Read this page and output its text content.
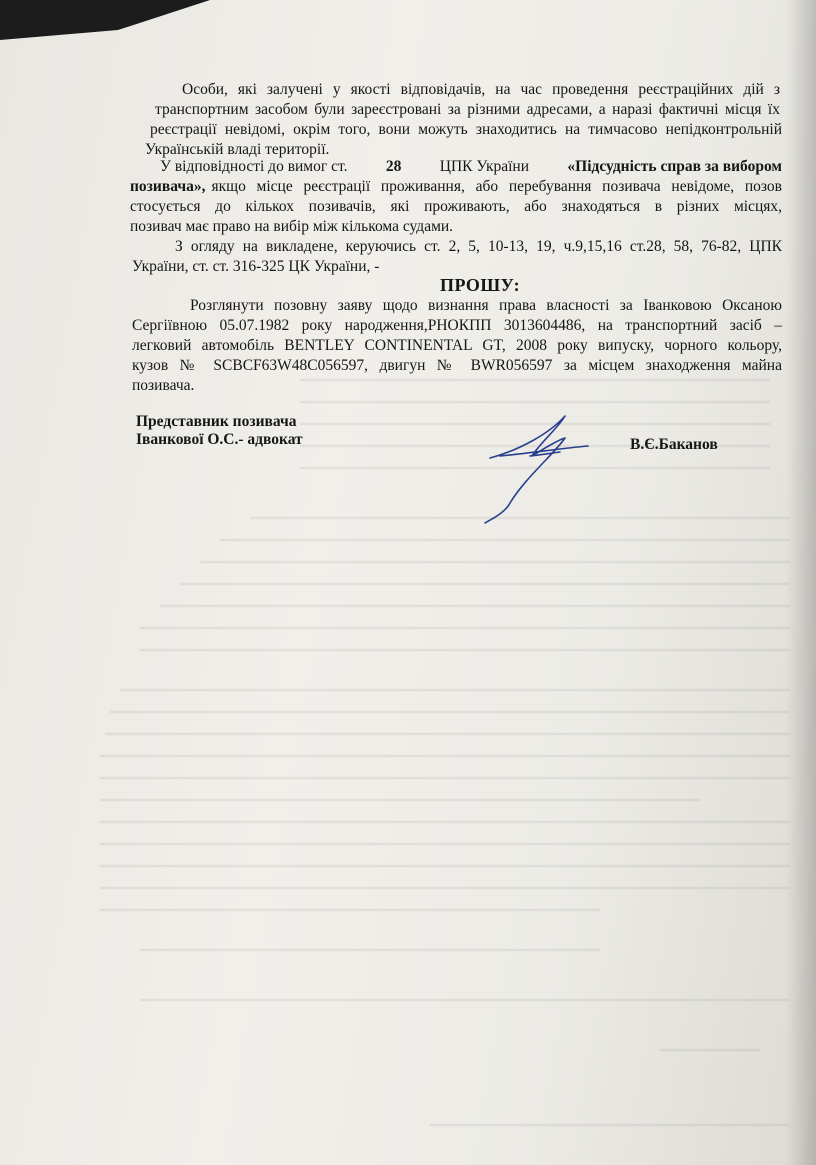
Особи, які залучені у якості відповідачів, на час проведення реєстраційних дій з
транспортним засобом були зареєстровані за різними адресами, а наразі фактичні місця їх
реєстрації невідомі, окрім того, вони можуть знаходитись на тимчасово непідконтрольній
Українській владі території.
У відповідності до вимог ст. 28 ЦПК України «Підсудність справ за вибором
позивача», якщо місце реєстрації проживання, або перебування позивача невідоме, позов
стосується до кількох позивачів, які проживають, або знаходяться в різних місцях,
позивач має право на вибір між кількома судами.
З огляду на викладене, керуючись ст. 2, 5, 10-13, 19, ч.9,15,16 ст.28, 58, 76-82, ЦПК
України, ст. ст. 316-325 ЦК України, -
ПРОШУ:
Розглянути позовну заяву щодо визнання права власності за Іванковою Оксаною
Сергіївною 05.07.1982 року народження,РНОКПП 3013604486, на транспортний засіб –
легковий автомобіль BENTLEY CONTINENTAL GT, 2008 року випуску, чорного кольору,
кузов № SCBCF63W48C056597, двигун № BWR056597 за місцем знаходження майна
позивача.
Представник позивача
Іванкової О.С.- адвокат	В.Є.Баканов
